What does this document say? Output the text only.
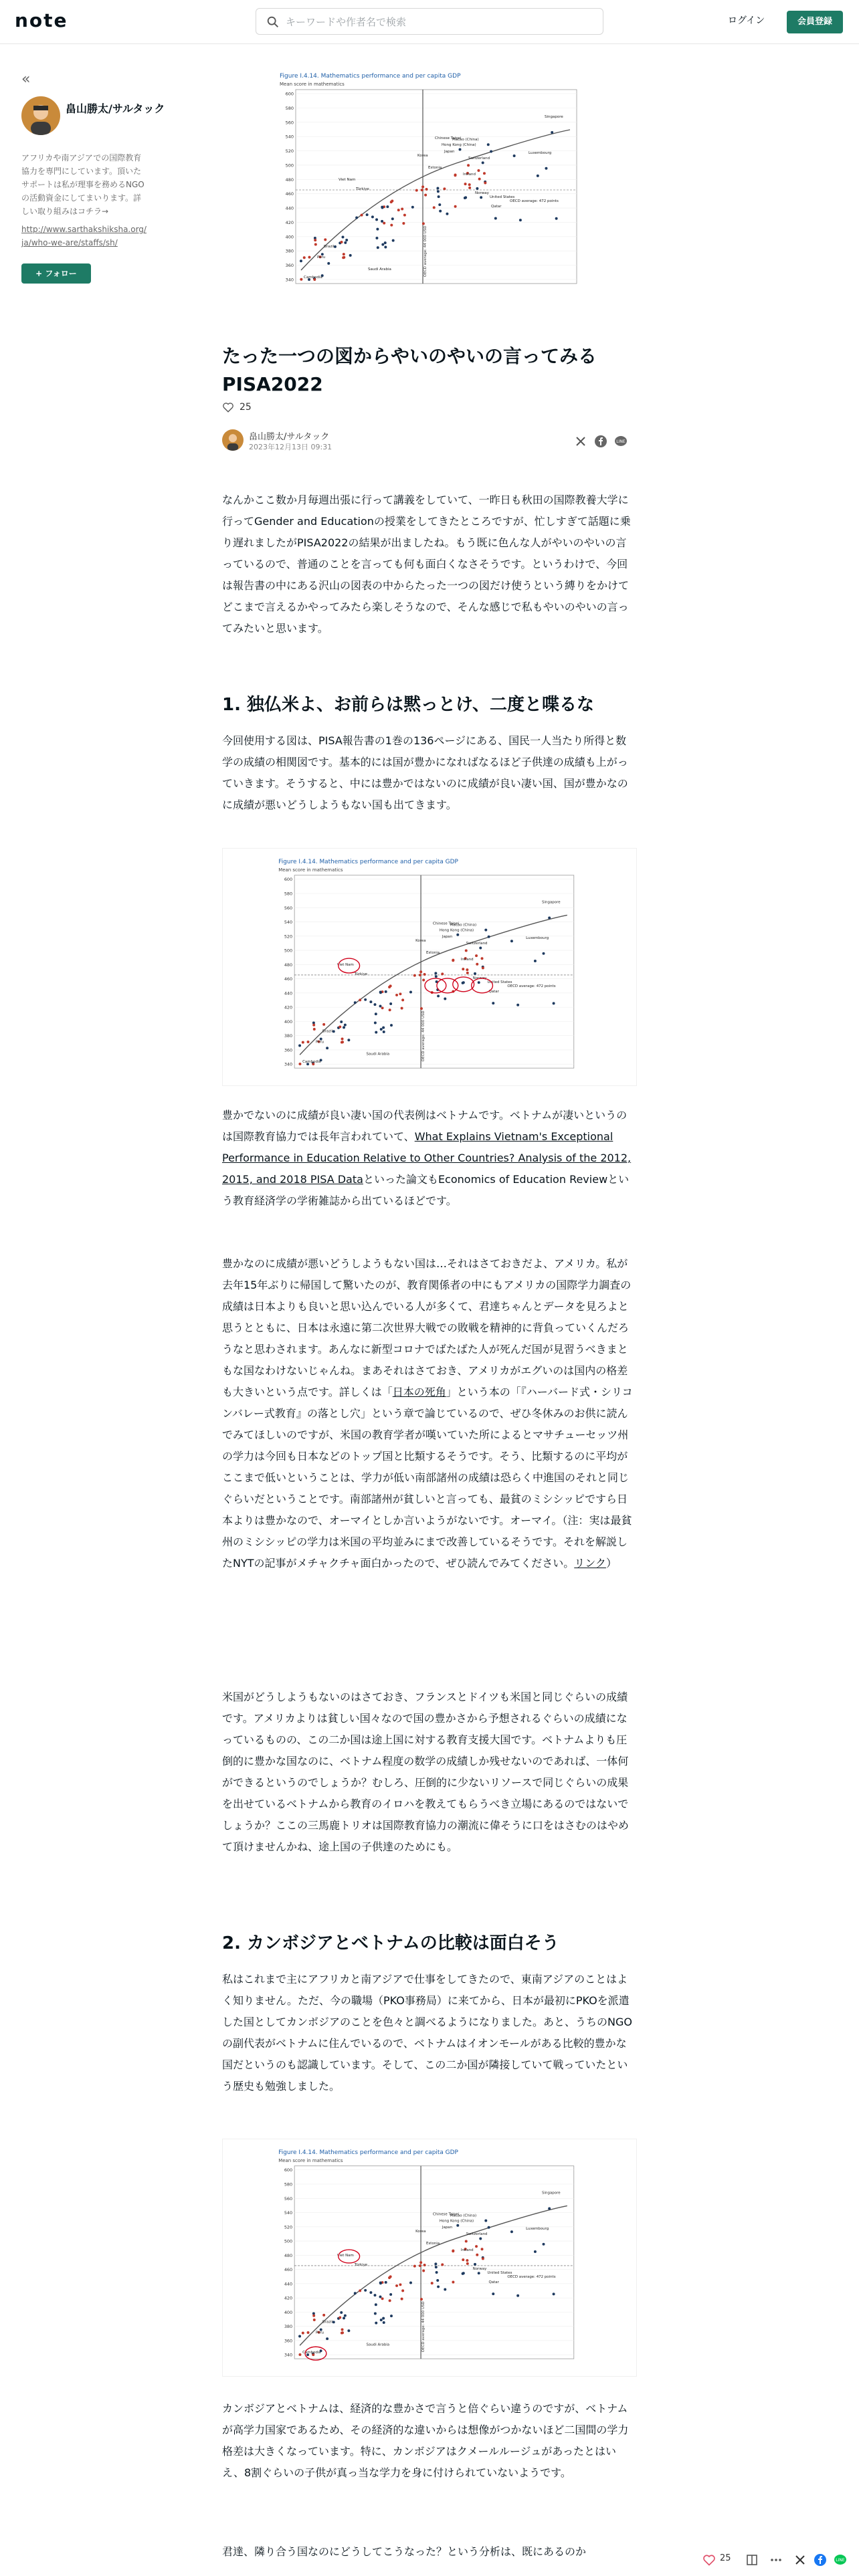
note
キーワードや作者名で検索	ログイン	会員登録
«
畠山勝太/サルタック
アフリカや南アジアでの国際教育協力を専門にしています。頂いたサポートは私が理事を務めるNGOの活動資金にしてまいります。詳しい取り組みはコチラ→
http://www.sarthakshiksha.org/ja/who-we-are/staffs/sh/
+ フォロー
Figure I.4.14. Mathematics performance and per capita GDP
Mean score in mathematics
600
580
560
540
520
500
480
460
440
420
400
380
360
340
OECD average: 44 000 USD
Singapore
Chinese Taipei
Macao (China)
Hong Kong (China)
Japan
Korea
Estonia
Switzerland
Viet Nam
Türkiye
Qatar
Brazil
Cambodia
Peru
Luxembourg
Ireland
Norway
United States
OECD average: 472 points
Saudi Arabia
たった一つの図からやいのやいの言ってみる PISA2022
25
畠山勝太/サルタック
2023年12月13日 09:31
LINE
なんかここ数か月毎週出張に行って講義をしていて、一昨日も秋田の国際教養大学に行ってGender and Educationの授業をしてきたところですが、忙しすぎて話題に乗り遅れましたがPISA2022の結果が出ましたね。もう既に色んな人がやいのやいの言っているので、普通のことを言っても何も面白くなさそうです。というわけで、今回は報告書の中にある沢山の図表の中からたった一つの図だけ使うという縛りをかけてどこまで言えるかやってみたら楽しそうなので、そんな感じで私もやいのやいの言ってみたいと思います。
1. 独仏米よ、お前らは黙っとけ、二度と喋るな
今回使用する図は、PISA報告書の1巻の136ページにある、国民一人当たり所得と数学の成績の相関図です。基本的には国が豊かになればなるほど子供達の成績も上がっていきます。そうすると、中には豊かではないのに成績が良い凄い国、国が豊かなのに成績が悪いどうしようもない国も出てきます。
Figure I.4.14. Mathematics performance and per capita GDP
Mean score in mathematics
600
580
560
540
520
500
480
460
440
420
400
380
360
340
OECD average: 44 000 USD
Singapore
Chinese Taipei
Macao (China)
Hong Kong (China)
Japan
Korea
Estonia
Switzerland
Viet Nam
Türkiye
Qatar
Brazil
Cambodia
Peru
Luxembourg
Ireland
Norway
United States
OECD average: 472 points
Saudi Arabia
豊かでないのに成績が良い凄い国の代表例はベトナムです。ベトナムが凄いというのは国際教育協力では長年言われていて、What Explains Vietnam's Exceptional Performance in Education Relative to Other Countries? Analysis of the 2012, 2015, and 2018 PISA Dataといった論文もEconomics of Education Reviewという教育経済学の学術雑誌から出ているほどです。
豊かなのに成績が悪いどうしようもない国は…それはさておきだよ、アメリカ。私が去年15年ぶりに帰国して驚いたのが、教育関係者の中にもアメリカの国際学力調査の成績は日本よりも良いと思い込んでいる人が多くて、君達ちゃんとデータを見ろよと思うとともに、日本は永遠に第二次世界大戦での敗戦を精神的に背負っていくんだろうなと思わされます。あんなに新型コロナでばたばた人が死んだ国が見習うべきまともな国なわけないじゃんね。まあそれはさておき、アメリカがエグいのは国内の格差も大きいという点です。詳しくは「日本の死角」という本の「『ハーバード式・シリコンバレー式教育』の落とし穴」という章で論じているので、ぜひ冬休みのお供に読んでみてほしいのですが、米国の教育学者が嘆いていた所によるとマサチューセッツ州の学力は今回も日本などのトップ国と比類するそうです。そう、比類するのに平均がここまで低いということは、学力が低い南部諸州の成績は恐らく中進国のそれと同じぐらいだということです。南部諸州が貧しいと言っても、最貧のミシシッピですら日本よりは豊かなので、オーマイとしか言いようがないです。オーマイ。（注：実は最貧州のミシシッピの学力は米国の平均並みにまで改善しているそうです。それを解説したNYTの記事がメチャクチャ面白かったので、ぜひ読んでみてください。リンク）
米国がどうしようもないのはさておき、フランスとドイツも米国と同じぐらいの成績です。アメリカよりは貧しい国々なので国の豊かさから予想されるぐらいの成績になっているものの、この二か国は途上国に対する教育支援大国です。ベトナムよりも圧倒的に豊かな国なのに、ベトナム程度の数学の成績しか残せないのであれば、一体何ができるというのでしょうか？むしろ、圧倒的に少ないリソースで同じぐらいの成果を出せているベトナムから教育のイロハを教えてもらうべき立場にあるのではないでしょうか？ここの三馬鹿トリオは国際教育協力の潮流に偉そうに口をはさむのはやめて頂けませんかね、途上国の子供達のためにも。
2. カンボジアとベトナムの比較は面白そう
私はこれまで主にアフリカと南アジアで仕事をしてきたので、東南アジアのことはよく知りません。ただ、今の職場（PKO事務局）に来てから、日本が最初にPKOを派遣した国としてカンボジアのことを色々と調べるようになりました。あと、うちのNGOの副代表がベトナムに住んでいるので、ベトナムはイオンモールがある比較的豊かな国だというのも認識しています。そして、この二か国が隣接していて戦っていたという歴史も勉強しました。
Figure I.4.14. Mathematics performance and per capita GDP
Mean score in mathematics
600
580
560
540
520
500
480
460
440
420
400
380
360
340
OECD average: 44 000 USD
Singapore
Chinese Taipei
Macao (China)
Hong Kong (China)
Japan
Korea
Estonia
Switzerland
Viet Nam
Türkiye
Qatar
Brazil
Cambodia
Peru
Luxembourg
Ireland
Norway
United States
OECD average: 472 points
Saudi Arabia
カンボジアとベトナムは、経済的な豊かさで言うと倍ぐらい違うのですが、ベトナムが高学力国家であるため、その経済的な違いからは想像がつかないほど二国間の学力格差は大きくなっています。特に、カンボジアはクメールルージュがあったとはいえ、8割ぐらいの子供が真っ当な学力を身に付けられていないようです。
君達、隣り合う国なのにどうしてこうなった？という分析は、既にあるのか
25	LINE
